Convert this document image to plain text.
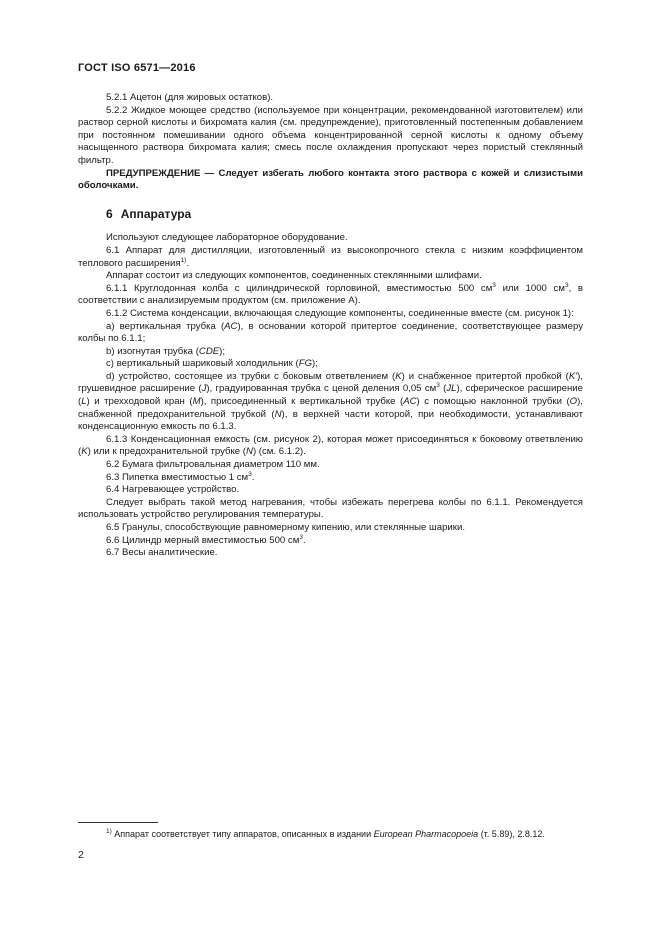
ГОСТ ISO 6571—2016

5.2.1 Ацетон (для жировых остатков).

5.2.2 Жидкое моющее средство (используемое при концентрации, рекомендованной изготовителем) или раствор серной кислоты и бихромата калия (см. предупреждение), приготовленный постепенным добавлением при постоянном помешивании одного объема концентрированной серной кислоты к одному объему насыщенного раствора бихромата калия; смесь после охлаждения пропускают через пористый стеклянный фильтр.

ПРЕДУПРЕЖДЕНИЕ — Следует избегать любого контакта этого раствора с кожей и слизистыми оболочками.

6 Аппаратура

Используют следующее лабораторное оборудование.

6.1 Аппарат для дистилляции, изготовленный из высокопрочного стекла с низким коэффициентом теплового расширения$^{1)}$.

Аппарат состоит из следующих компонентов, соединенных стеклянными шлифами.

6.1.1 Круглодонная колба с цилиндрической горловиной, вместимостью 500 $см^3$ или 1000 $см^3$, в соответствии с анализируемым продуктом (см. приложение А).

6.1.2 Система конденсации, включающая следующие компоненты, соединенные вместе (см. рисунок 1):

a) вертикальная трубка (AC), в основании которой притертое соединение, соответствующее размеру колбы по 6.1.1;

b) изогнутая трубка (CDE);

c) вертикальный шариковый холодильник (FG);

d) устройство, состоящее из трубки с боковым ответвлением (K) и снабженное притертой пробкой (K'), грушевидное расширение (J), градуированная трубка с ценой деления 0,05 $см^3$ (JL), сферическое расширение (L) и трехходовой кран (M), присоединенный к вертикальной трубке (AC) с помощью наклонной трубки (O), снабженной предохранительной трубкой (N), в верхней части которой, при необходимости, устанавливают конденсационную емкость по 6.1.3.

6.1.3 Конденсационная емкость (см. рисунок 2), которая может присоединяться к боковому ответвлению (K) или к предохранительной трубке (N) (см. 6.1.2).

6.2 Бумага фильтровальная диаметром 110 мм.

6.3 Пипетка вместимостью 1 $см^3$.

6.4 Нагревающее устройство.

Следует выбрать такой метод нагревания, чтобы избежать перегрева колбы по 6.1.1. Рекомендуется использовать устройство регулирования температуры.

6.5 Гранулы, способствующие равномерному кипению, или стеклянные шарики.

6.6 Цилиндр мерный вместимостью 500 $см^3$.

6.7 Весы аналитические.

$^{1)}$ Аппарат соответствует типу аппаратов, описанных в издании European Pharmacopoeia (т. 5.89), 2.8.12.
2
